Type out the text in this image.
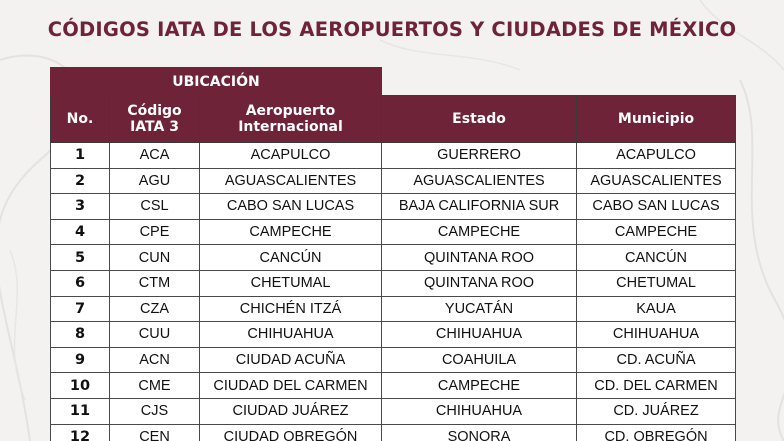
CÓDIGOS IATA DE LOS AEROPUERTOS Y CIUDADES DE MÉXICO
UBICACIÓN				
No.	Código IATA 3	Aeropuerto Internacional	Estado	Municipio
1	ACA	ACAPULCO	GUERRERO	ACAPULCO
2	AGU	AGUASCALIENTES	AGUASCALIENTES	AGUASCALIENTES
3	CSL	CABO SAN LUCAS	BAJA CALIFORNIA SUR	CABO SAN LUCAS
4	CPE	CAMPECHE	CAMPECHE	CAMPECHE
5	CUN	CANCÚN	QUINTANA ROO	CANCÚN
6	CTM	CHETUMAL	QUINTANA ROO	CHETUMAL
7	CZA	CHICHÉN ITZÁ	YUCATÁN	KAUA
8	CUU	CHIHUAHUA	CHIHUAHUA	CHIHUAHUA
9	ACN	CIUDAD ACUÑA	COAHUILA	CD. ACUÑA
10	CME	CIUDAD DEL CARMEN	CAMPECHE	CD. DEL CARMEN
11	CJS	CIUDAD JUÁREZ	CHIHUAHUA	CD. JUÁREZ
12	CEN	CIUDAD OBREGÓN	SONORA	CD. OBREGÓN
